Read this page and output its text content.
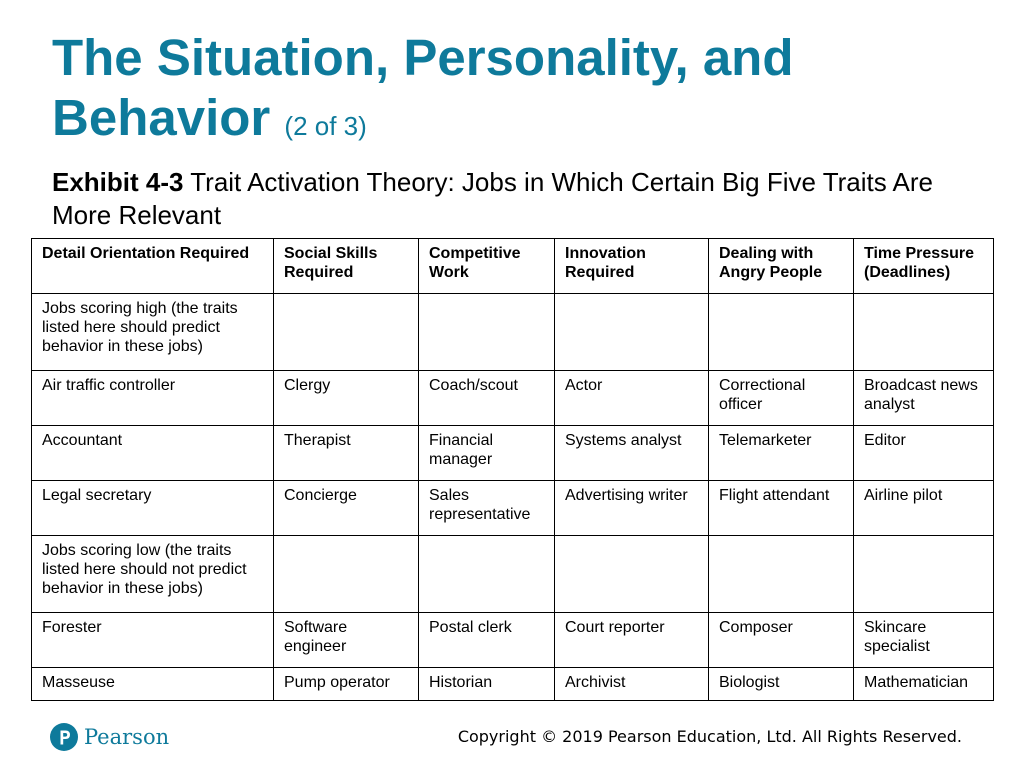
The Situation, Personality, and Behavior (2 of 3)

Exhibit 4-3 Trait Activation Theory: Jobs in Which Certain Big Five Traits Are More Relevant

Detail Orientation Required	Social Skills Required	Competitive Work	Innovation Required	Dealing with Angry People	Time Pressure (Deadlines)
Jobs scoring high (the traits listed here should predict behavior in these jobs)					
Air traffic controller	Clergy	Coach/scout	Actor	Correctional officer	Broadcast news analyst
Accountant	Therapist	Financial manager	Systems analyst	Telemarketer	Editor
Legal secretary	Concierge	Sales representative	Advertising writer	Flight attendant	Airline pilot
Jobs scoring low (the traits listed here should not predict behavior in these jobs)					
Forester	Software engineer	Postal clerk	Court reporter	Composer	Skincare specialist
Masseuse	Pump operator	Historian	Archivist	Biologist	Mathematician
Pearson	Copyright © 2019 Pearson Education, Ltd. All Rights Reserved.
